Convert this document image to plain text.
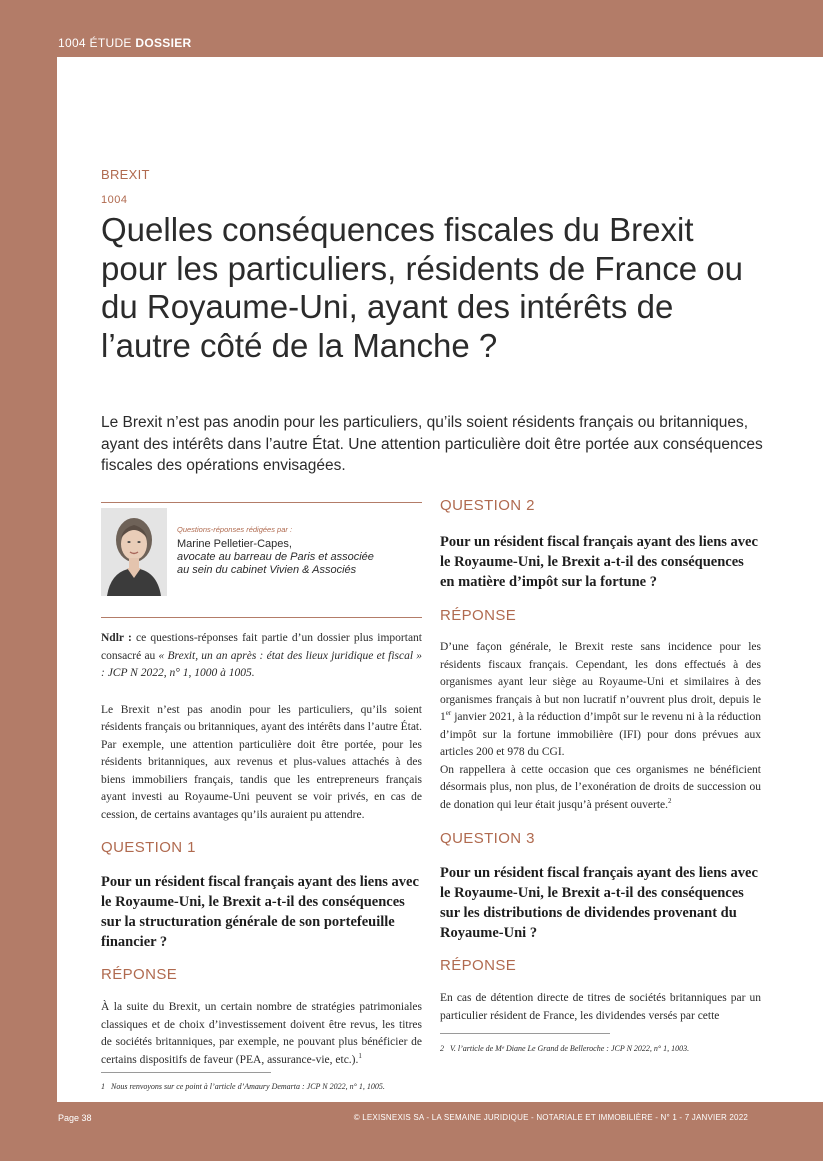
1004 ÉTUDE DOSSIER
BREXIT
1004
Quelles conséquences fiscales du Brexit pour les particuliers, résidents de France ou du Royaume-Uni, ayant des intérêts de l’autre côté de la Manche ?

Le Brexit n’est pas anodin pour les particuliers, qu’ils soient résidents français ou britanniques, ayant des intérêts dans l’autre État. Une attention particulière doit être portée aux conséquences fiscales des opérations envisagées.

Questions-réponses rédigées par :
Marine Pelletier-Capes,
avocate au barreau de Paris et associée
au sein du cabinet Vivien & Associés

Ndlr : ce questions-réponses fait partie d’un dossier plus important consacré au « Brexit, un an après : état des lieux juridique et fiscal » : JCP N 2022, n° 1, 1000 à 1005.

Le Brexit n’est pas anodin pour les particuliers, qu’ils soient résidents français ou britanniques, ayant des intérêts dans l’autre État. Par exemple, une attention particulière doit être portée, pour les résidents britanniques, aux revenus et plus-values attachés à des biens immobiliers français, tandis que les entrepreneurs français ayant investi au Royaume-Uni peuvent se voir privés, en cas de cession, de certains avantages qu’ils auraient pu attendre.

QUESTION 1

Pour un résident fiscal français ayant des liens avec le Royaume-Uni, le Brexit a-t-il des conséquences sur la structuration générale de son portefeuille financier ?

RÉPONSE

À la suite du Brexit, un certain nombre de stratégies patrimoniales classiques et de choix d’investissement doivent être revus, les titres de sociétés britanniques, par exemple, ne pouvant plus bénéficier de certains dispositifs de faveur (PEA, assurance-vie, etc.).$^1$

1 Nous renvoyons sur ce point à l’article d’Amaury Demarta : JCP N 2022, n° 1, 1005.

QUESTION 2

Pour un résident fiscal français ayant des liens avec le Royaume-Uni, le Brexit a-t-il des conséquences en matière d’impôt sur la fortune ?

RÉPONSE

D’une façon générale, le Brexit reste sans incidence pour les résidents fiscaux français. Cependant, les dons effectués à des organismes ayant leur siège au Royaume-Uni et similaires à des organismes français à but non lucratif n’ouvrent plus droit, depuis le 1er janvier 2021, à la réduction d’impôt sur le revenu ni à la réduction d’impôt sur la fortune immobilière (IFI) pour dons prévues aux articles 200 et 978 du CGI.

On rappellera à cette occasion que ces organismes ne bénéficient désormais plus, non plus, de l’exonération de droits de succession ou de donation qui leur était jusqu’à présent ouverte.$^2$

QUESTION 3

Pour un résident fiscal français ayant des liens avec le Royaume-Uni, le Brexit a-t-il des conséquences sur les distributions de dividendes provenant du Royaume-Uni ?

RÉPONSE

En cas de détention directe de titres de sociétés britanniques par un particulier résident de France, les dividendes versés par cette

2 V. l’article de Mᵉ Diane Le Grand de Belleroche : JCP N 2022, n° 1, 1003.

Page 38	© LEXISNEXIS SA - LA SEMAINE JURIDIQUE - NOTARIALE ET IMMOBILIÈRE - N° 1 - 7 JANVIER 2022
